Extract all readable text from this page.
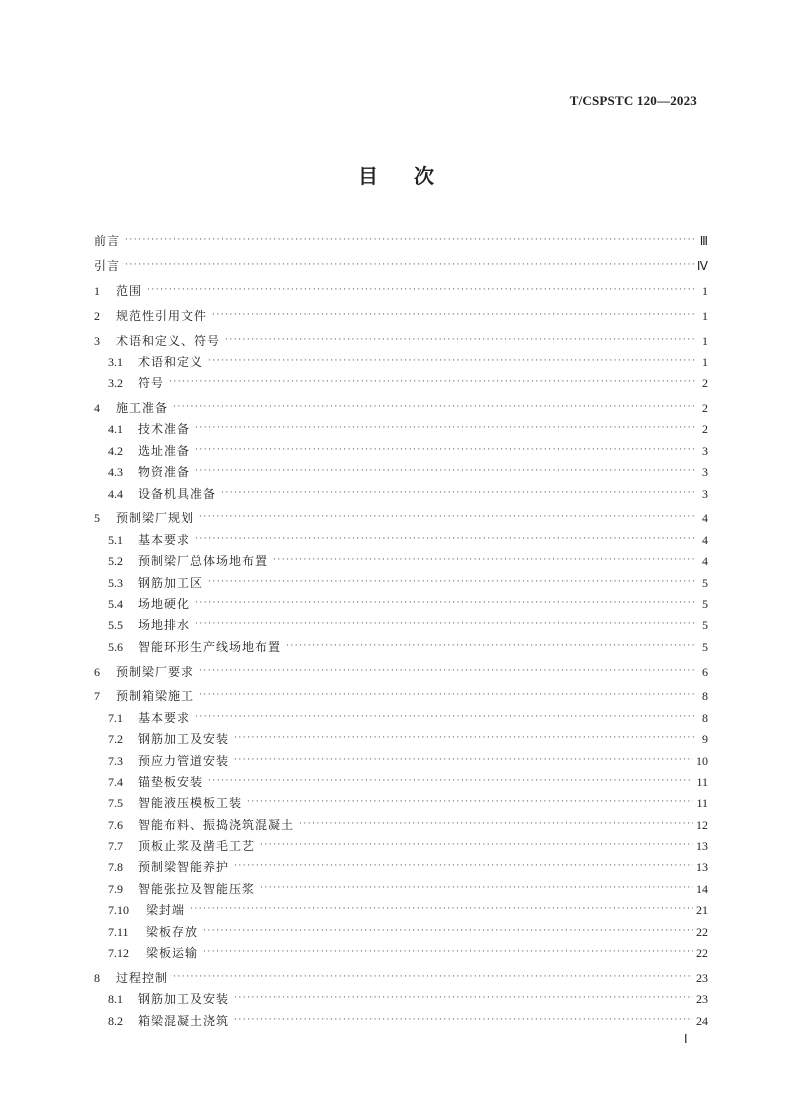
T/CSPSTC 120—2023
目次
前言 ·····	Ⅲ
引言 ·····	Ⅳ
1	范围 ·····	1
2	规范性引用文件 ·····	1
3	术语和定义、符号 ·····	1
3.1	术语和定义 ·····	1
3.2	符号 ·····	2
4	施工准备 ·····	2
4.1	技术准备 ·····	2
4.2	选址准备 ·····	3
4.3	物资准备 ·····	3
4.4	设备机具准备 ·····	3
5	预制梁厂规划 ·····	4
5.1	基本要求 ·····	4
5.2	预制梁厂总体场地布置 ·····	4
5.3	钢筋加工区 ·····	5
5.4	场地硬化 ·····	5
5.5	场地排水 ·····	5
5.6	智能环形生产线场地布置 ·····	5
6	预制梁厂要求 ·····	6
7	预制箱梁施工 ·····	8
7.1	基本要求 ·····	8
7.2	钢筋加工及安装 ·····	9
7.3	预应力管道安装 ·····	10
7.4	锚垫板安装 ·····	11
7.5	智能液压模板工装 ·····	11
7.6	智能布料、振捣浇筑混凝土 ·····	12
7.7	顶板止浆及凿毛工艺 ·····	13
7.8	预制梁智能养护 ·····	13
7.9	智能张拉及智能压浆 ·····	14
7.10	梁封端 ·····	21
7.11	梁板存放 ·····	22
7.12	梁板运输 ·····	22
8	过程控制 ·····	23
8.1	钢筋加工及安装 ·····	23
8.2	箱梁混凝土浇筑 ·····	24
Ⅰ
